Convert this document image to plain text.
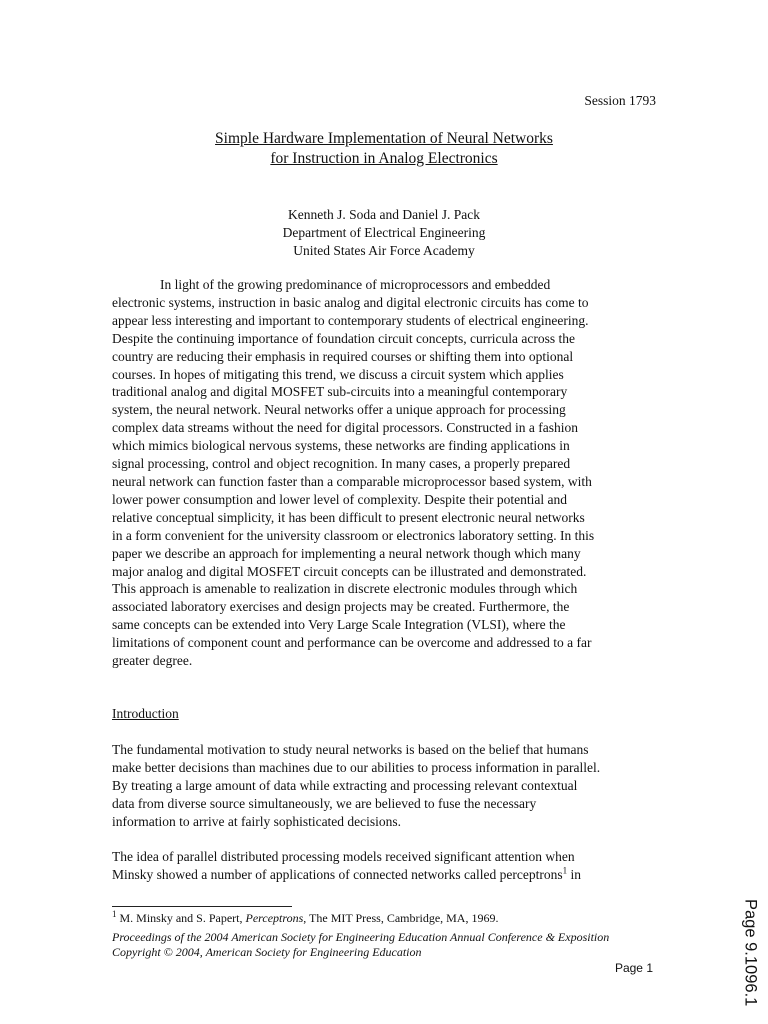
Session 1793
Simple Hardware Implementation of Neural Networks
for Instruction in Analog Electronics
Kenneth J. Soda and Daniel J. Pack
Department of Electrical Engineering
United States Air Force Academy
In light of the growing predominance of microprocessors and embedded
electronic systems, instruction in basic analog and digital electronic circuits has come to
appear less interesting and important to contemporary students of electrical engineering.
Despite the continuing importance of foundation circuit concepts, curricula across the
country are reducing their emphasis in required courses or shifting them into optional
courses. In hopes of mitigating this trend, we discuss a circuit system which applies
traditional analog and digital MOSFET sub-circuits into a meaningful contemporary
system, the neural network. Neural networks offer a unique approach for processing
complex data streams without the need for digital processors. Constructed in a fashion
which mimics biological nervous systems, these networks are finding applications in
signal processing, control and object recognition. In many cases, a properly prepared
neural network can function faster than a comparable microprocessor based system, with
lower power consumption and lower level of complexity. Despite their potential and
relative conceptual simplicity, it has been difficult to present electronic neural networks
in a form convenient for the university classroom or electronics laboratory setting. In this
paper we describe an approach for implementing a neural network though which many
major analog and digital MOSFET circuit concepts can be illustrated and demonstrated.
This approach is amenable to realization in discrete electronic modules through which
associated laboratory exercises and design projects may be created. Furthermore, the
same concepts can be extended into Very Large Scale Integration (VLSI), where the
limitations of component count and performance can be overcome and addressed to a far
greater degree.
Introduction
The fundamental motivation to study neural networks is based on the belief that humans
make better decisions than machines due to our abilities to process information in parallel.
By treating a large amount of data while extracting and processing relevant contextual
data from diverse source simultaneously, we are believed to fuse the necessary
information to arrive at fairly sophisticated decisions.
The idea of parallel distributed processing models received significant attention when
Minsky showed a number of applications of connected networks called perceptrons$^1$ in
$^1$ M. Minsky and S. Papert, Perceptrons, The MIT Press, Cambridge, MA, 1969.
Proceedings of the 2004 American Society for Engineering Education Annual Conference & Exposition
Copyright © 2004, American Society for Engineering Education
Page 1	Page 9.1096.1
